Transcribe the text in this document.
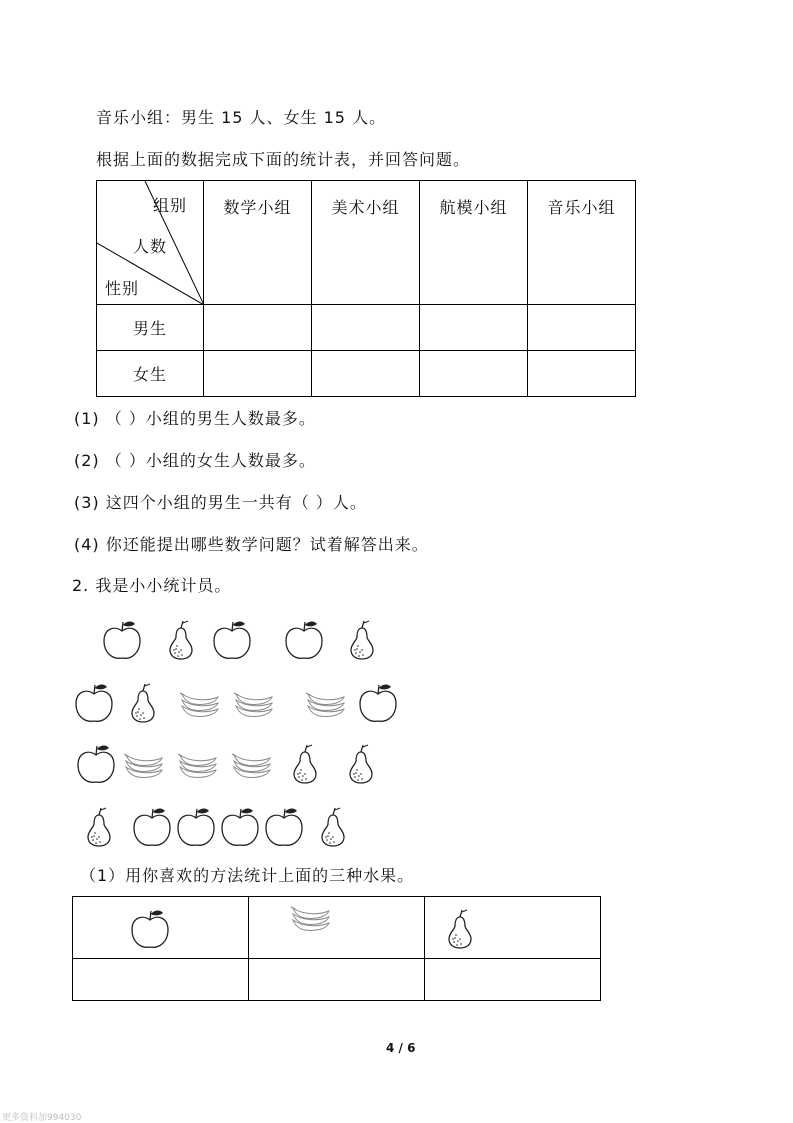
音乐小组：男生 15 人、女生 15 人。
根据上面的数据完成下面的统计表，并回答问题。
组别
人数
性别	数学小组	美术小组	航模小组	音乐小组
男生				
女生				
(1) （ ）小组的男生人数最多。
(2) （ ）小组的女生人数最多。
(3) 这四个小组的男生一共有（ ）人。
(4) 你还能提出哪些数学问题？试着解答出来。
2. 我是小小统计员。
（1）用你喜欢的方法统计上面的三种水果。

4 / 6
更多资料加994030
